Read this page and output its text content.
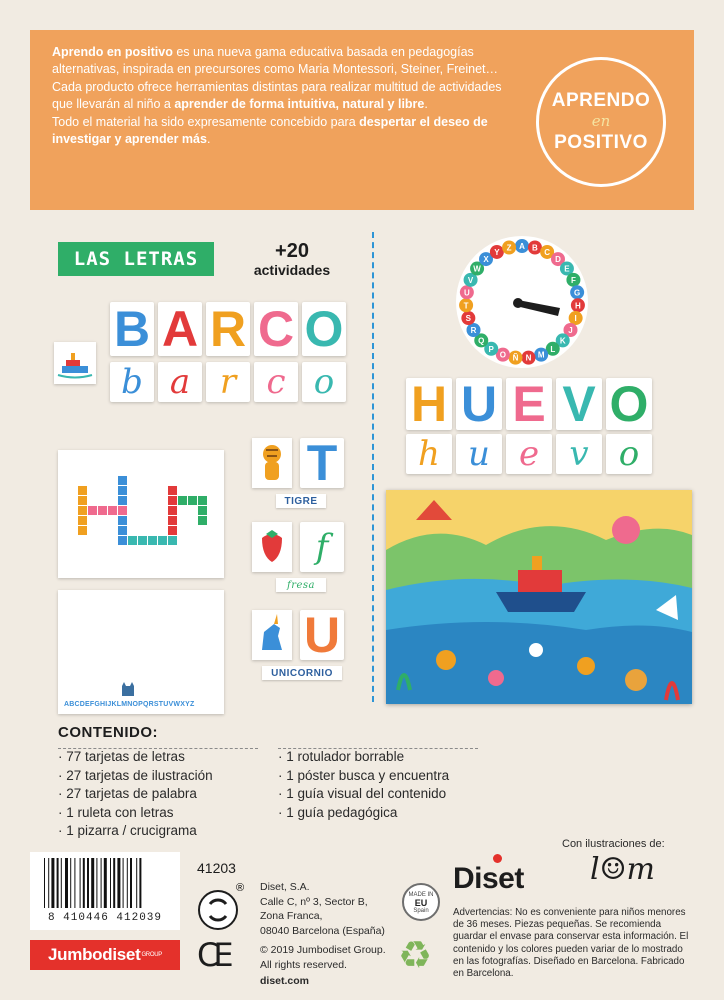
Aprendo en positivo es una nueva gama educativa basada en pedagogías alternativas, inspirada en precursores como Maria Montessori, Steiner, Freinet…

Cada producto ofrece herramientas distintas para realizar multitud de actividades que llevarán al niño a aprender de forma intuitiva, natural y libre.

Todo el material ha sido expresamente concebido para despertar el deseo de investigar y aprender más.

APRENDO
en
POSITIVO
LAS LETRAS	+20
actividades
B A R C O
b a r c o H U E V O
h u e v o
A B C
D
E
F
G
H
I
J
K
L
M
N
Ñ
O
P
Q
R
S
T
U
V
W
X
Y Z
ABCDEFGHIJKLMNOPQRSTUVWXYZ
T
f
U
TIGRE
fresa
UNICORNIO
CONTENIDO:
· 77 tarjetas de letras
· 27 tarjetas de ilustración
· 27 tarjetas de palabra
· 1 ruleta con letras
· 1 pizarra / crucigrama
· 1 rotulador borrable
· 1 póster busca y encuentra
· 1 guía visual del contenido
· 1 guía pedagógica
Con ilustraciones de:
8 410446 412039
Jumbodiset$^{GROUP}$
41203
®
CE
Diset, S.A.
Calle C, nº 3, Sector B,
Zona Franca,
08040 Barcelona (España)
© 2019 Jumbodiset Group.
All rights reserved.
diset.com
MADE IN
EU
Spain
♻
Diset l☺m
Advertencias: No es conveniente para niños menores de 36 meses. Piezas pequeñas. Se recomienda guardar el envase para conservar esta información. El contenido y los colores pueden variar de lo mostrado en las fotografías. Diseñado en Barcelona. Fabricado en Barcelona.
